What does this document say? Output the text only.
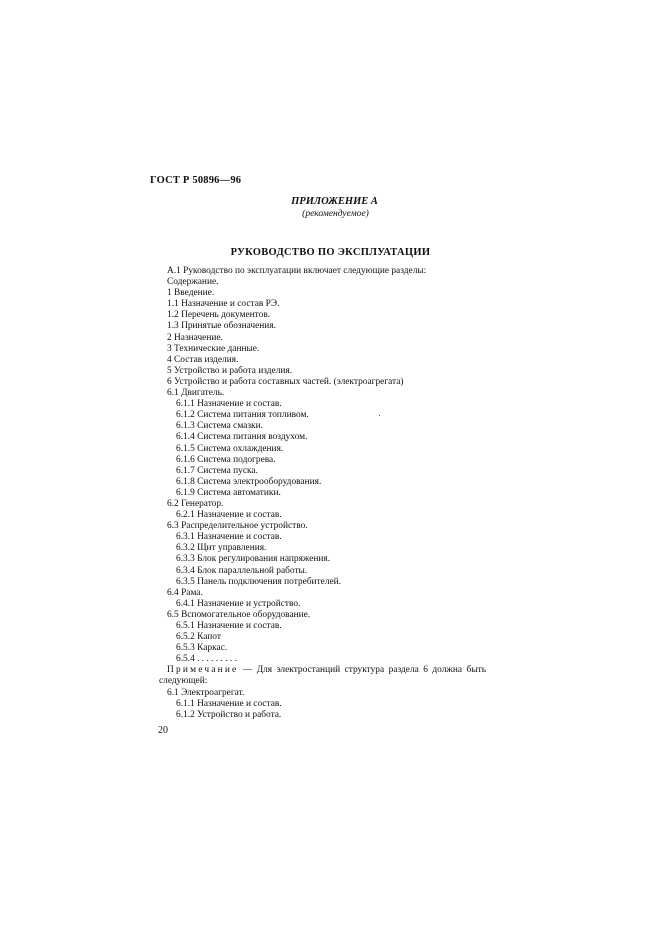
ГОСТ Р 50896—96
ПРИЛОЖЕНИЕ А
(рекомендуемое)
РУКОВОДСТВО ПО ЭКСПЛУАТАЦИИ
А.1 Руководство по эксплуатации включает следующие разделы:
Содержание.
1 Введение.
1.1 Назначение и состав РЭ.
1.2 Перечень документов.
1.3 Принятые обозначения.
2 Назначение.
3 Технические данные.
4 Состав изделия.
5 Устройство и работа изделия.
6 Устройство и работа составных частей. (электроагрегата)
6.1 Двигатель.
6.1.1 Назначение и состав.
6.1.2 Система питания топливом.
6.1.3 Система смазки.
6.1.4 Система питания воздухом.
6.1.5 Система охлаждения.
6.1.6 Система подогрева.
6.1.7 Система пуска.
6.1.8 Система электрооборудования.
6.1.9 Система автоматики.
6.2 Генератор.
6.2.1 Назначение и состав.
6.3 Распределительное устройство.
6.3.1 Назначение и состав.
6.3.2 Щит управления.
6.3.3 Блок регулирования напряжения.
6.3.4 Блок параллельной работы.
6.3.5 Панель подключения потребителей.
6.4 Рама.
6.4.1 Назначение и устройство.
6.5 Вспомогательное оборудование.
6.5.1 Назначение и состав.
6.5.2 Капот
6.5.3 Каркас.
6.5.4 . . . . . . . . .
Примечание — Для электростанций структура раздела 6 должна быть следующей:
6.1 Электроагрегат.
6.1.1 Назначение и состав.
6.1.2 Устройство и работа.
20
